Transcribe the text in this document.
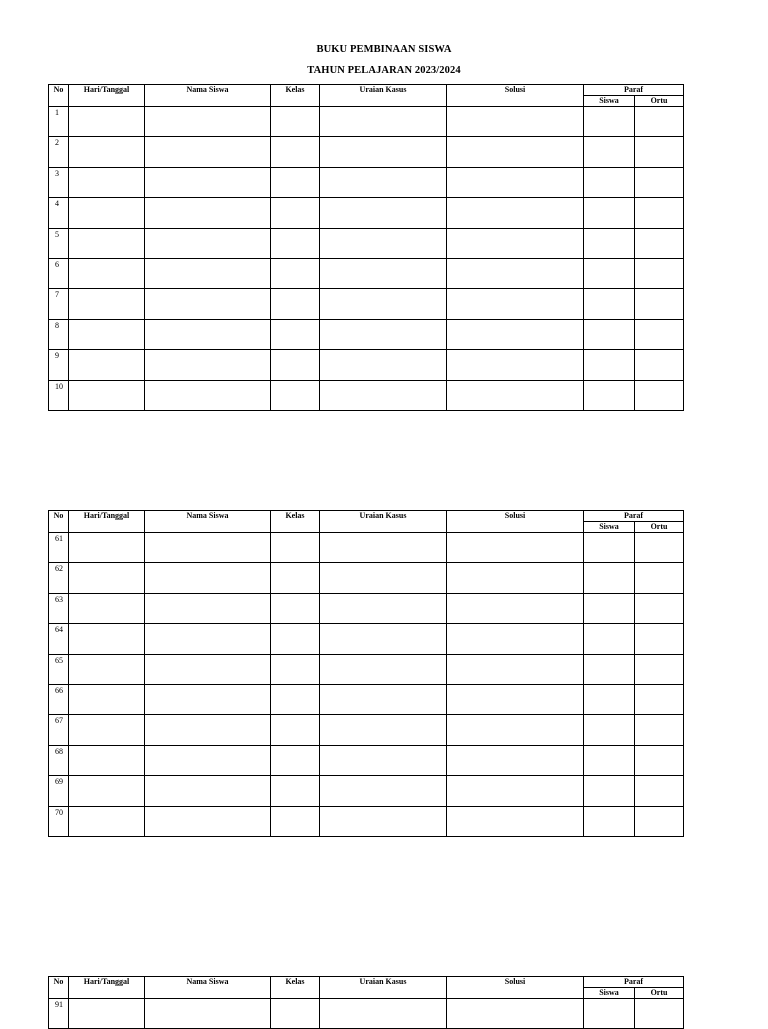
BUKU PEMBINAAN SISWA
TAHUN PELAJARAN 2023/2024
No	Hari/Tanggal	Nama Siswa	Kelas	Uraian Kasus	Solusi	Paraf	
						Siswa	Ortu
1							
2							
3							
4							
5							
6							
7							
8							
9							
10							
No	Hari/Tanggal	Nama Siswa	Kelas	Uraian Kasus	Solusi	Paraf	
						Siswa	Ortu
61							
62							
63							
64							
65							
66							
67							
68							
69							
70							
No	Hari/Tanggal	Nama Siswa	Kelas	Uraian Kasus	Solusi	Paraf	
						Siswa	Ortu
91							
